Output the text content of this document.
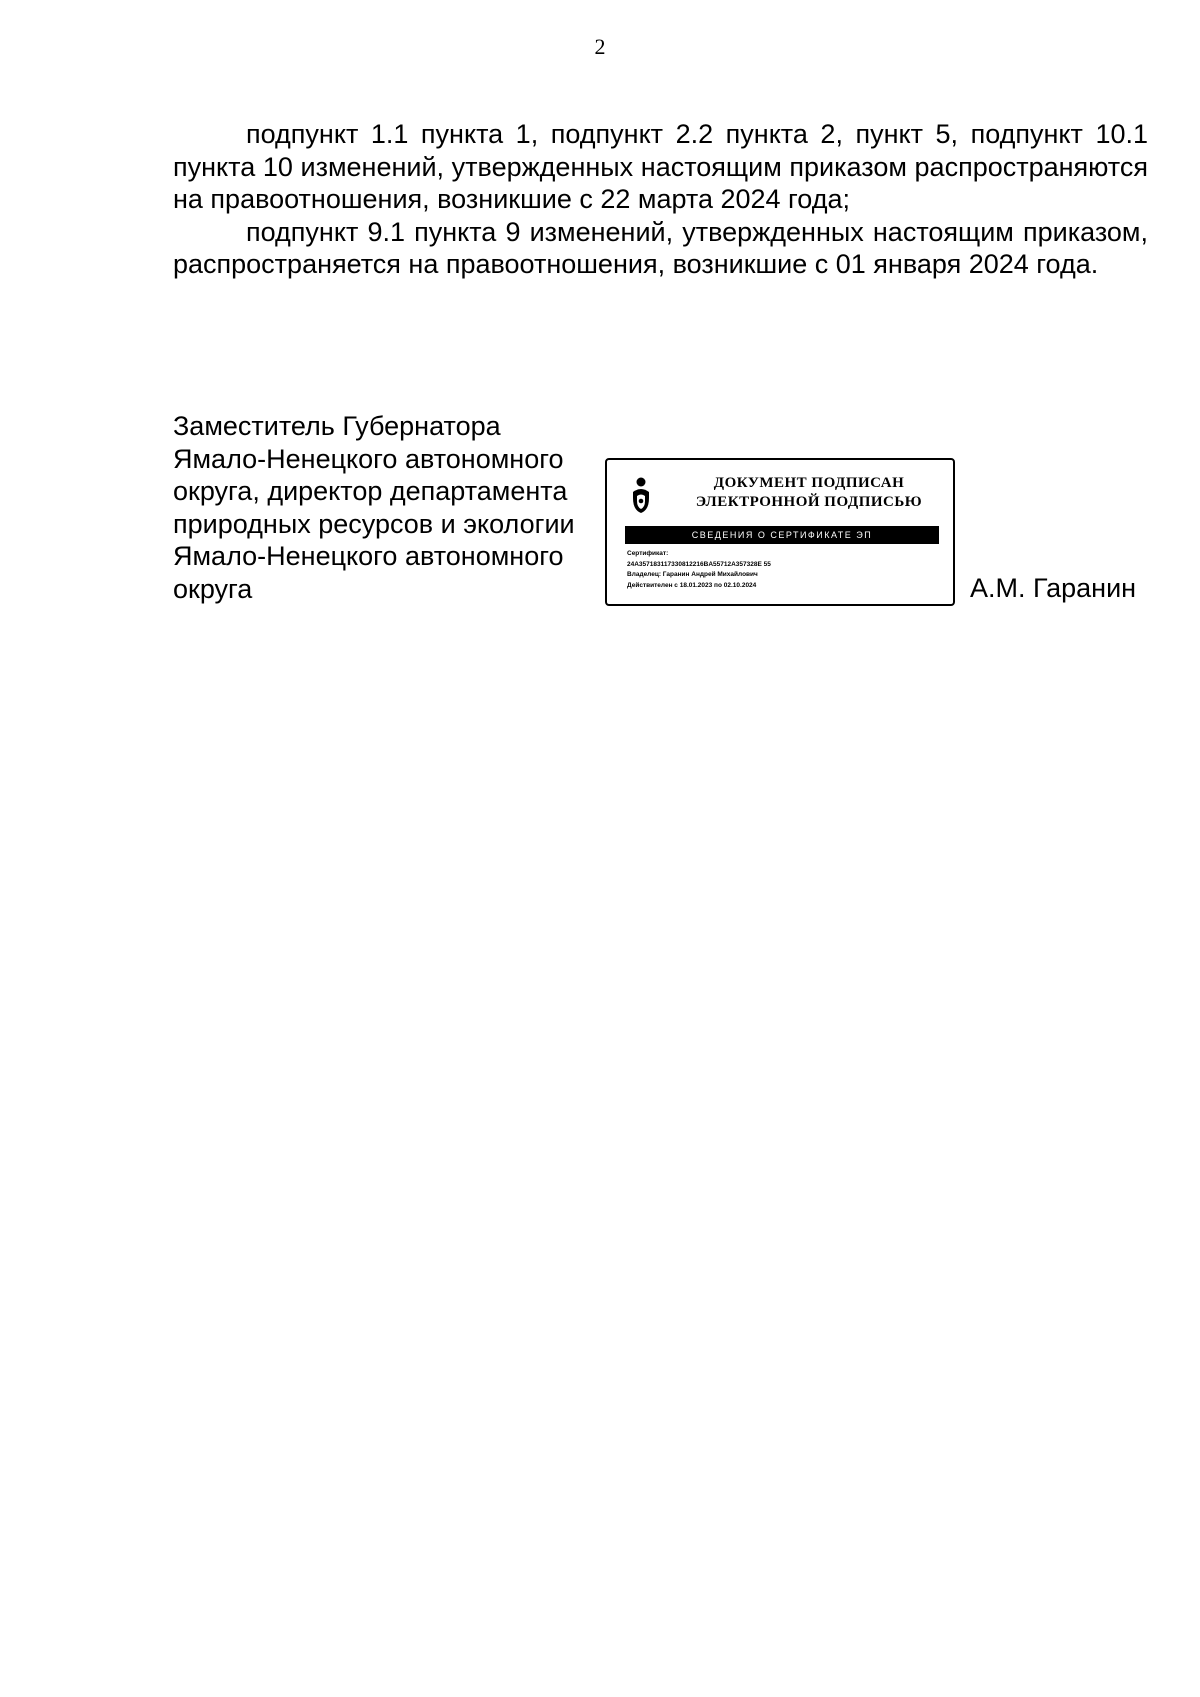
2

подпункт 1.1 пункта 1, подпункт 2.2 пункта 2, пункт 5, подпункт 10.1 пункта 10 изменений, утвержденных настоящим приказом распространяются на правоотношения, возникшие с 22 марта 2024 года;

подпункт 9.1 пункта 9 изменений, утвержденных настоящим приказом, распространяется на правоотношения, возникшие с 01 января 2024 года.

Заместитель Губернатора
Ямало-Ненецкого автономного
округа, директор департамента
природных ресурсов и экологии
Ямало-Ненецкого автономного
округа
ДОКУМЕНТ ПОДПИСАН
ЭЛЕКТРОННОЙ ПОДПИСЬЮ
СВЕДЕНИЯ О СЕРТИФИКАТЕ ЭП
Сертификат:
24A357183117330812216BA55712A357328E 55
Владелец: Гаранин Андрей Михайлович
Действителен с 18.01.2023 по 02.10.2024	А.М. Гаранин
